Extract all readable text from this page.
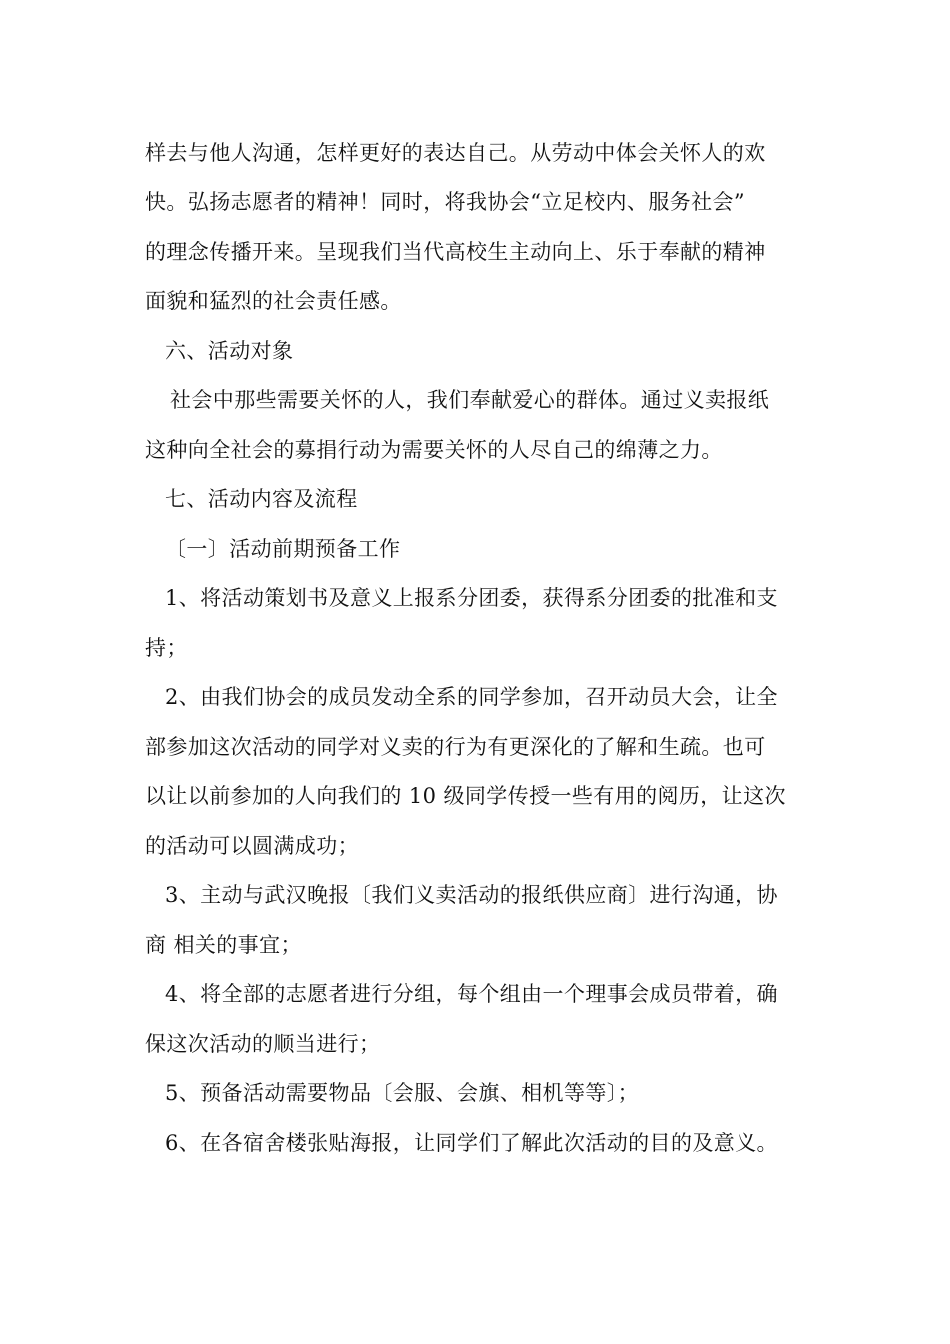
样去与他人沟通，怎样更好的表达自己。从劳动中体会关怀人的欢
快。弘扬志愿者的精神！同时，将我协会“立足校内、服务社会”
的理念传播开来。呈现我们当代高校生主动向上、乐于奉献的精神
面貌和猛烈的社会责任感。
六、活动对象
社会中那些需要关怀的人，我们奉献爱心的群体。通过义卖报纸
这种向全社会的募捐行动为需要关怀的人尽自己的绵薄之力。
七、活动内容及流程
〔一〕活动前期预备工作
1、将活动策划书及意义上报系分团委，获得系分团委的批准和支
持；
2、由我们协会的成员发动全系的同学参加，召开动员大会，让全
部参加这次活动的同学对义卖的行为有更深化的了解和生疏。也可
以让以前参加的人向我们的 10 级同学传授一些有用的阅历，让这次
的活动可以圆满成功；
3、主动与武汉晚报〔我们义卖活动的报纸供应商〕进行沟通，协
商 相关的事宜；
4、将全部的志愿者进行分组，每个组由一个理事会成员带着，确
保这次活动的顺当进行；
5、预备活动需要物品〔会服、会旗、相机等等〕；
6、在各宿舍楼张贴海报，让同学们了解此次活动的目的及意义。
